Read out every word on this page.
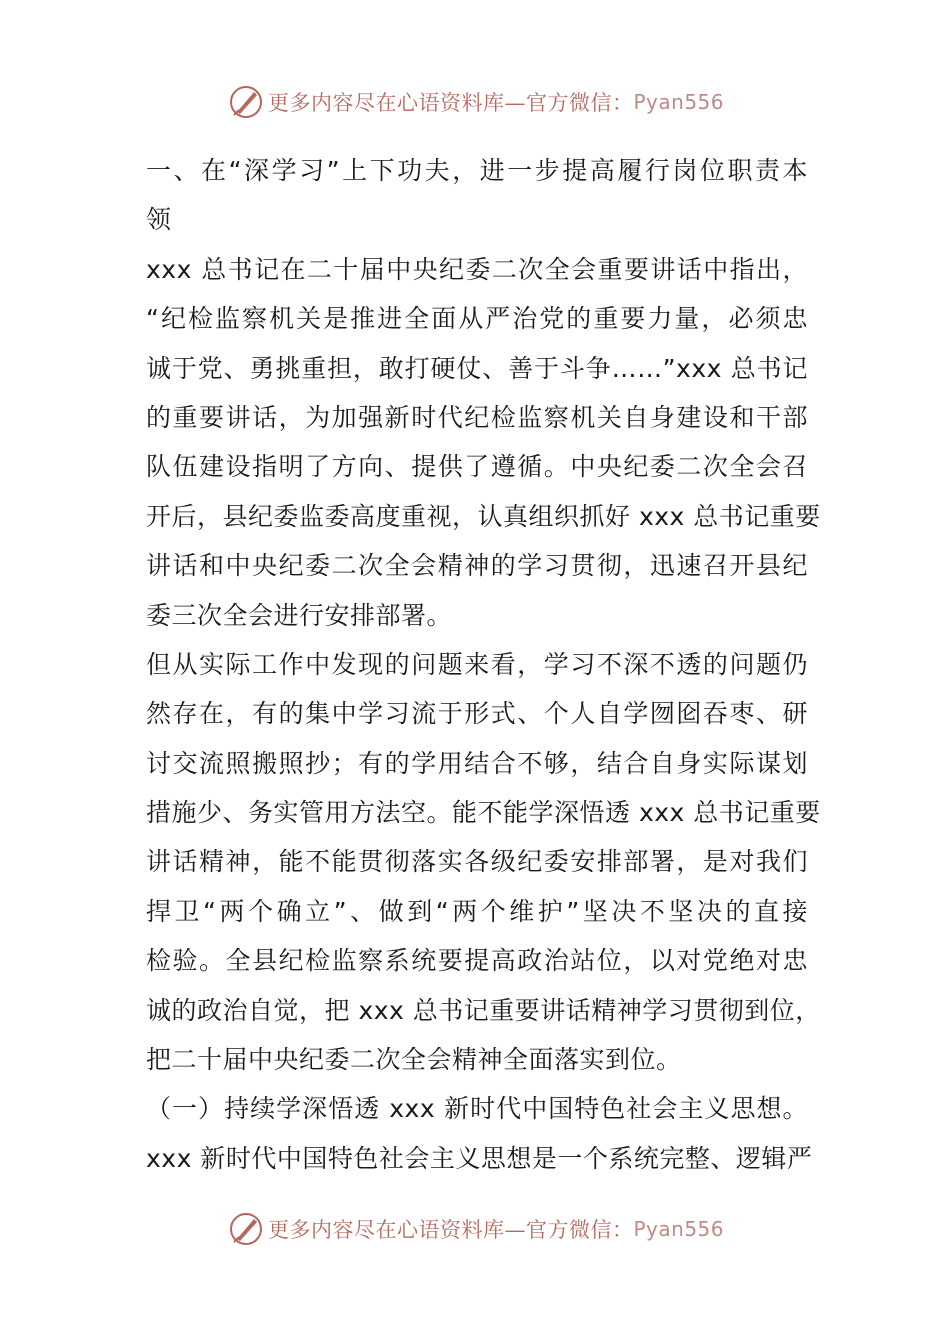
更多内容尽在心语资料库—官方微信： Pyan556
一、在“深学习”上下功夫，进一步提高履行岗位职责本
领
xxx 总书记在二十届中央纪委二次全会重要讲话中指出，
“纪检监察机关是推进全面从严治党的重要力量，必须忠
诚于党、勇挑重担，敢打硬仗、善于斗争……”xxx 总书记
的重要讲话，为加强新时代纪检监察机关自身建设和干部
队伍建设指明了方向、提供了遵循。中央纪委二次全会召
开后，县纪委监委高度重视，认真组织抓好 xxx 总书记重要
讲话和中央纪委二次全会精神的学习贯彻，迅速召开县纪
委三次全会进行安排部署。
但从实际工作中发现的问题来看，学习不深不透的问题仍
然存在，有的集中学习流于形式、个人自学囫囵吞枣、研
讨交流照搬照抄；有的学用结合不够，结合自身实际谋划
措施少、务实管用方法空。能不能学深悟透 xxx 总书记重要
讲话精神，能不能贯彻落实各级纪委安排部署，是对我们
捍卫“两个确立”、做到“两个维护”坚决不坚决的直接
检验。全县纪检监察系统要提高政治站位，以对党绝对忠
诚的政治自觉，把 xxx 总书记重要讲话精神学习贯彻到位，
把二十届中央纪委二次全会精神全面落实到位。
（一）持续学深悟透 xxx 新时代中国特色社会主义思想。
xxx 新时代中国特色社会主义思想是一个系统完整、逻辑严
更多内容尽在心语资料库—官方微信： Pyan556
